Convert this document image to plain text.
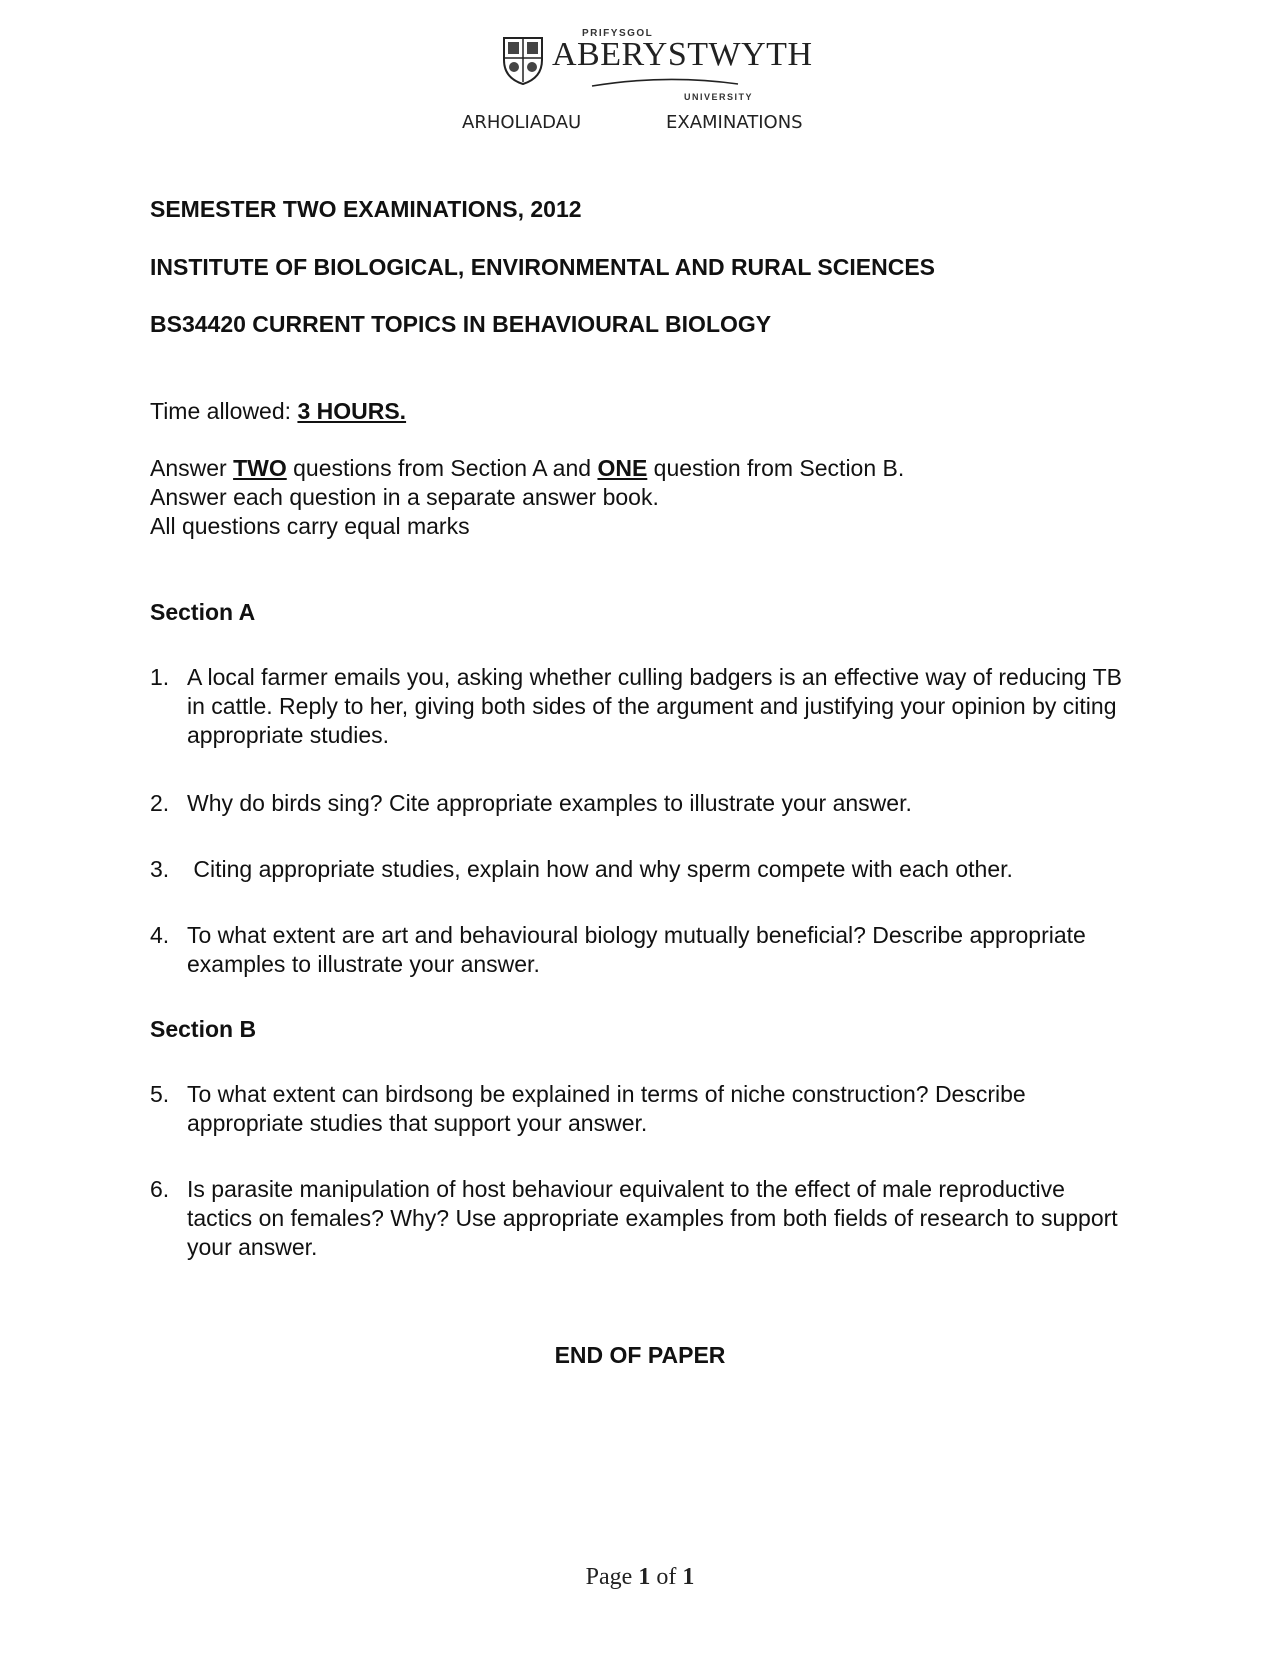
PRIFYSGOL
ABERYSTWYTH
UNIVERSITY
ARHOLIADAU	EXAMINATIONS
SEMESTER TWO EXAMINATIONS, 2012
INSTITUTE OF BIOLOGICAL, ENVIRONMENTAL AND RURAL SCIENCES
BS34420 CURRENT TOPICS IN BEHAVIOURAL BIOLOGY
Time allowed: 3 HOURS.
Answer TWO questions from Section A and ONE question from Section B.
Answer each question in a separate answer book.
All questions carry equal marks
Section A
1. A local farmer emails you, asking whether culling badgers is an effective way of reducing TB in cattle. Reply to her, giving both sides of the argument and justifying your opinion by citing appropriate studies.
2. Why do birds sing? Cite appropriate examples to illustrate your answer.
3. Citing appropriate studies, explain how and why sperm compete with each other.
4. To what extent are art and behavioural biology mutually beneficial? Describe appropriate examples to illustrate your answer.
Section B
5. To what extent can birdsong be explained in terms of niche construction? Describe appropriate studies that support your answer.
6. Is parasite manipulation of host behaviour equivalent to the effect of male reproductive tactics on females? Why? Use appropriate examples from both fields of research to support your answer.
END OF PAPER
Page 1 of 1
